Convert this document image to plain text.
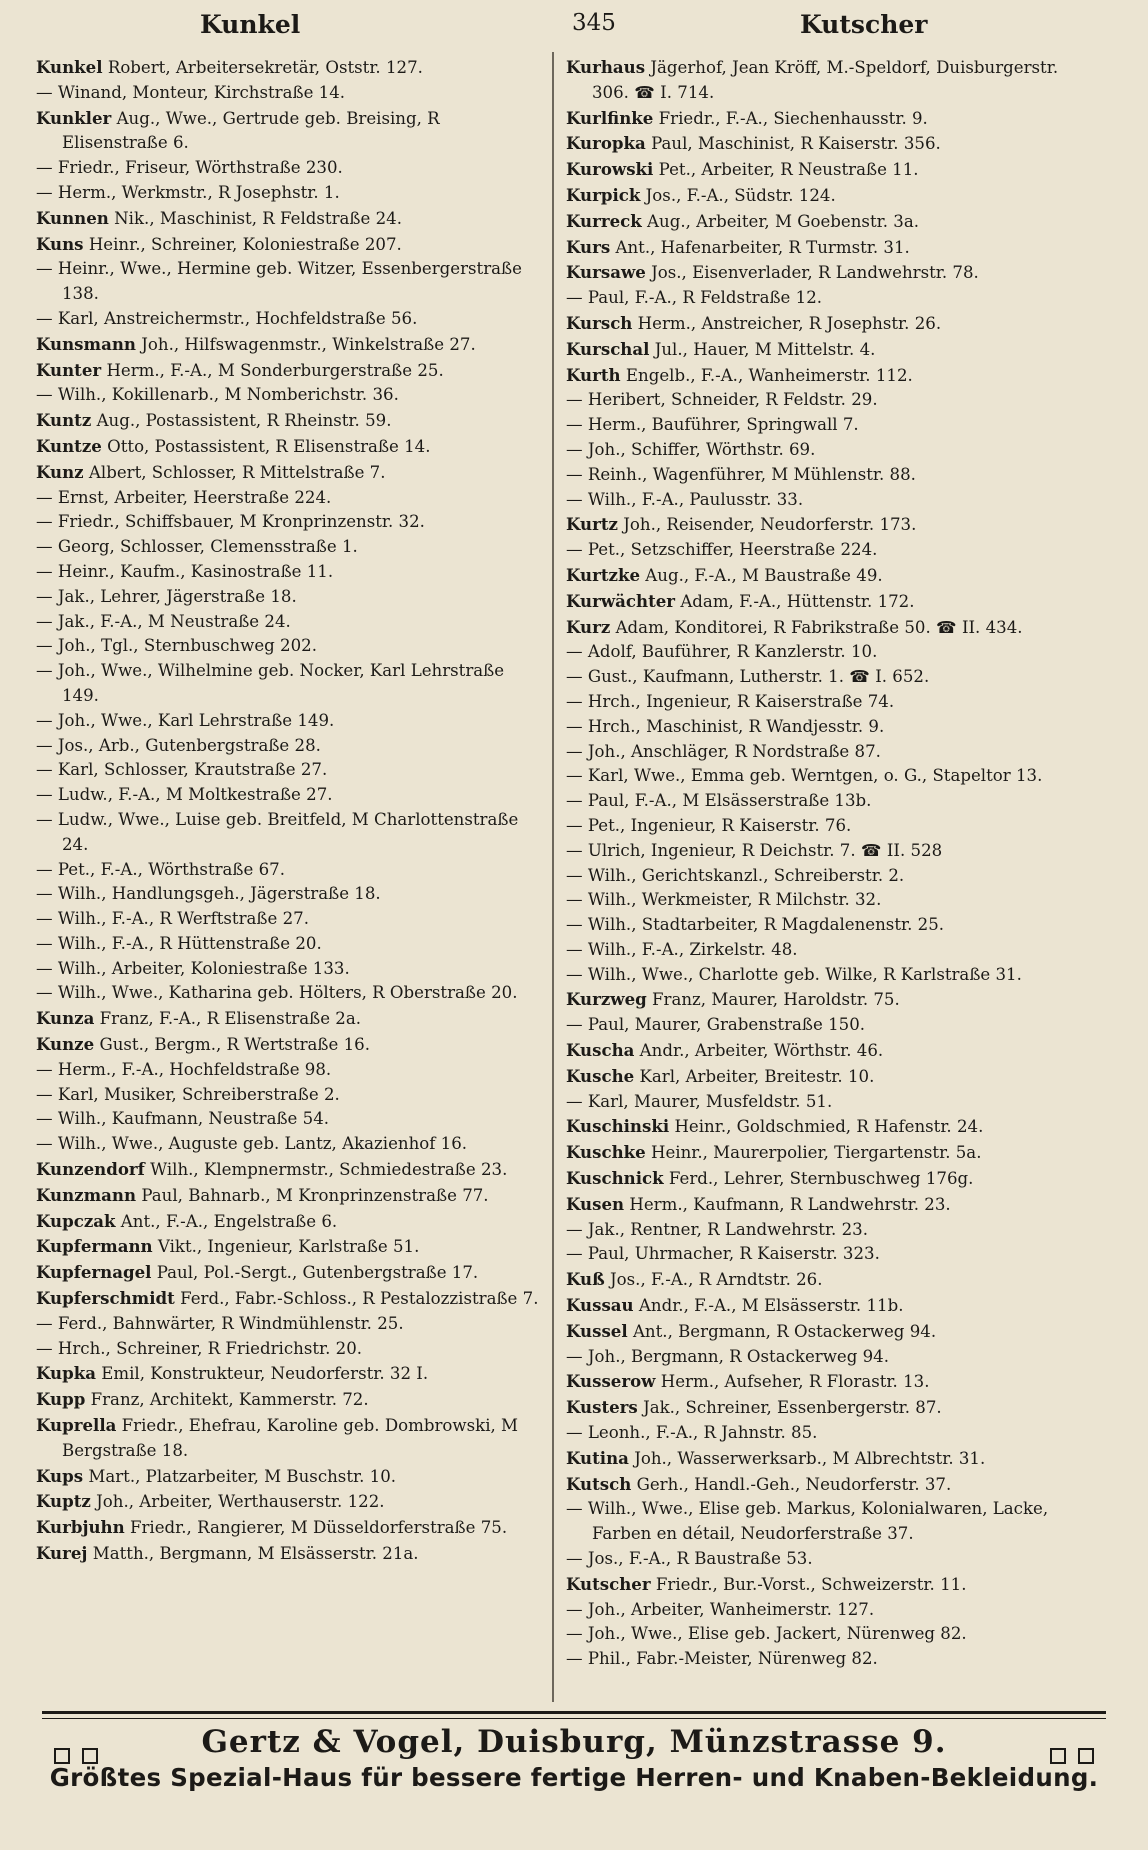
Kunkel	345	Kutscher
Kunkel Robert, Arbeitersekretär, Oststr. 127.
— Winand, Monteur, Kirchstraße 14.
Kunkler Aug., Wwe., Gertrude geb. Breising, R Elisenstraße 6.
— Friedr., Friseur, Wörthstraße 230.
— Herm., Werkmstr., R Josephstr. 1.
Kunnen Nik., Maschinist, R Feldstraße 24.
Kuns Heinr., Schreiner, Koloniestraße 207.
— Heinr., Wwe., Hermine geb. Witzer, Essenbergerstraße 138.
— Karl, Anstreichermstr., Hochfeldstraße 56.
Kunsmann Joh., Hilfswagenmstr., Winkelstraße 27.
Kunter Herm., F.-A., M Sonderburgerstraße 25.
— Wilh., Kokillenarb., M Nomberichstr. 36.
Kuntz Aug., Postassistent, R Rheinstr. 59.
Kuntze Otto, Postassistent, R Elisenstraße 14.
Kunz Albert, Schlosser, R Mittelstraße 7.
— Ernst, Arbeiter, Heerstraße 224.
— Friedr., Schiffsbauer, M Kronprinzenstr. 32.
— Georg, Schlosser, Clemensstraße 1.
— Heinr., Kaufm., Kasinostraße 11.
— Jak., Lehrer, Jägerstraße 18.
— Jak., F.-A., M Neustraße 24.
— Joh., Tgl., Sternbuschweg 202.
— Joh., Wwe., Wilhelmine geb. Nocker, Karl Lehrstraße 149.
— Joh., Wwe., Karl Lehrstraße 149.
— Jos., Arb., Gutenbergstraße 28.
— Karl, Schlosser, Krautstraße 27.
— Ludw., F.-A., M Moltkestraße 27.
— Ludw., Wwe., Luise geb. Breitfeld, M Charlottenstraße 24.
— Pet., F.-A., Wörthstraße 67.
— Wilh., Handlungsgeh., Jägerstraße 18.
— Wilh., F.-A., R Werftstraße 27.
— Wilh., F.-A., R Hüttenstraße 20.
— Wilh., Arbeiter, Koloniestraße 133.
— Wilh., Wwe., Katharina geb. Hölters, R Oberstraße 20.
Kunza Franz, F.-A., R Elisenstraße 2a.
Kunze Gust., Bergm., R Wertstraße 16.
— Herm., F.-A., Hochfeldstraße 98.
— Karl, Musiker, Schreiberstraße 2.
— Wilh., Kaufmann, Neustraße 54.
— Wilh., Wwe., Auguste geb. Lantz, Akazienhof 16.
Kunzendorf Wilh., Klempnermstr., Schmiedestraße 23.
Kunzmann Paul, Bahnarb., M Kronprinzenstraße 77.
Kupczak Ant., F.-A., Engelstraße 6.
Kupfermann Vikt., Ingenieur, Karlstraße 51.
Kupfernagel Paul, Pol.-Sergt., Gutenbergstraße 17.
Kupferschmidt Ferd., Fabr.-Schloss., R Pestalozzistraße 7.
— Ferd., Bahnwärter, R Windmühlenstr. 25.
— Hrch., Schreiner, R Friedrichstr. 20.
Kupka Emil, Konstrukteur, Neudorferstr. 32 I.
Kupp Franz, Architekt, Kammerstr. 72.
Kuprella Friedr., Ehefrau, Karoline geb. Dombrowski, M Bergstraße 18.
Kups Mart., Platzarbeiter, M Buschstr. 10.
Kuptz Joh., Arbeiter, Werthauserstr. 122.
Kurbjuhn Friedr., Rangierer, M Düsseldorferstraße 75.
Kurej Matth., Bergmann, M Elsässerstr. 21a.
Kurhaus Jägerhof, Jean Kröff, M.-Speldorf, Duisburgerstr. 306. ☎ I. 714.
Kurlfinke Friedr., F.-A., Siechenhausstr. 9.
Kuropka Paul, Maschinist, R Kaiserstr. 356.
Kurowski Pet., Arbeiter, R Neustraße 11.
Kurpick Jos., F.-A., Südstr. 124.
Kurreck Aug., Arbeiter, M Goebenstr. 3a.
Kurs Ant., Hafenarbeiter, R Turmstr. 31.
Kursawe Jos., Eisenverlader, R Landwehrstr. 78.
— Paul, F.-A., R Feldstraße 12.
Kursch Herm., Anstreicher, R Josephstr. 26.
Kurschal Jul., Hauer, M Mittelstr. 4.
Kurth Engelb., F.-A., Wanheimerstr. 112.
— Heribert, Schneider, R Feldstr. 29.
— Herm., Bauführer, Springwall 7.
— Joh., Schiffer, Wörthstr. 69.
— Reinh., Wagenführer, M Mühlenstr. 88.
— Wilh., F.-A., Paulusstr. 33.
Kurtz Joh., Reisender, Neudorferstr. 173.
— Pet., Setzschiffer, Heerstraße 224.
Kurtzke Aug., F.-A., M Baustraße 49.
Kurwächter Adam, F.-A., Hüttenstr. 172.
Kurz Adam, Konditorei, R Fabrikstraße 50. ☎ II. 434.
— Adolf, Bauführer, R Kanzlerstr. 10.
— Gust., Kaufmann, Lutherstr. 1. ☎ I. 652.
— Hrch., Ingenieur, R Kaiserstraße 74.
— Hrch., Maschinist, R Wandjesstr. 9.
— Joh., Anschläger, R Nordstraße 87.
— Karl, Wwe., Emma geb. Werntgen, o. G., Stapeltor 13.
— Paul, F.-A., M Elsässerstraße 13b.
— Pet., Ingenieur, R Kaiserstr. 76.
— Ulrich, Ingenieur, R Deichstr. 7. ☎ II. 528
— Wilh., Gerichtskanzl., Schreiberstr. 2.
— Wilh., Werkmeister, R Milchstr. 32.
— Wilh., Stadtarbeiter, R Magdalenenstr. 25.
— Wilh., F.-A., Zirkelstr. 48.
— Wilh., Wwe., Charlotte geb. Wilke, R Karlstraße 31.
Kurzweg Franz, Maurer, Haroldstr. 75.
— Paul, Maurer, Grabenstraße 150.
Kuscha Andr., Arbeiter, Wörthstr. 46.
Kusche Karl, Arbeiter, Breitestr. 10.
— Karl, Maurer, Musfeldstr. 51.
Kuschinski Heinr., Goldschmied, R Hafenstr. 24.
Kuschke Heinr., Maurerpolier, Tiergartenstr. 5a.
Kuschnick Ferd., Lehrer, Sternbuschweg 176g.
Kusen Herm., Kaufmann, R Landwehrstr. 23.
— Jak., Rentner, R Landwehrstr. 23.
— Paul, Uhrmacher, R Kaiserstr. 323.
Kuß Jos., F.-A., R Arndtstr. 26.
Kussau Andr., F.-A., M Elsässerstr. 11b.
Kussel Ant., Bergmann, R Ostackerweg 94.
— Joh., Bergmann, R Ostackerweg 94.
Kusserow Herm., Aufseher, R Florastr. 13.
Kusters Jak., Schreiner, Essenbergerstr. 87.
— Leonh., F.-A., R Jahnstr. 85.
Kutina Joh., Wasserwerksarb., M Albrechtstr. 31.
Kutsch Gerh., Handl.-Geh., Neudorferstr. 37.
— Wilh., Wwe., Elise geb. Markus, Kolonialwaren, Lacke, Farben en détail, Neudorferstraße 37.
— Jos., F.-A., R Baustraße 53.
Kutscher Friedr., Bur.-Vorst., Schweizerstr. 11.
— Joh., Arbeiter, Wanheimerstr. 127.
— Joh., Wwe., Elise geb. Jackert, Nürenweg 82.
— Phil., Fabr.-Meister, Nürenweg 82.
Gertz & Vogel, Duisburg, Münzstrasse 9.
Größtes Spezial-Haus für bessere fertige Herren- und Knaben-Bekleidung.
